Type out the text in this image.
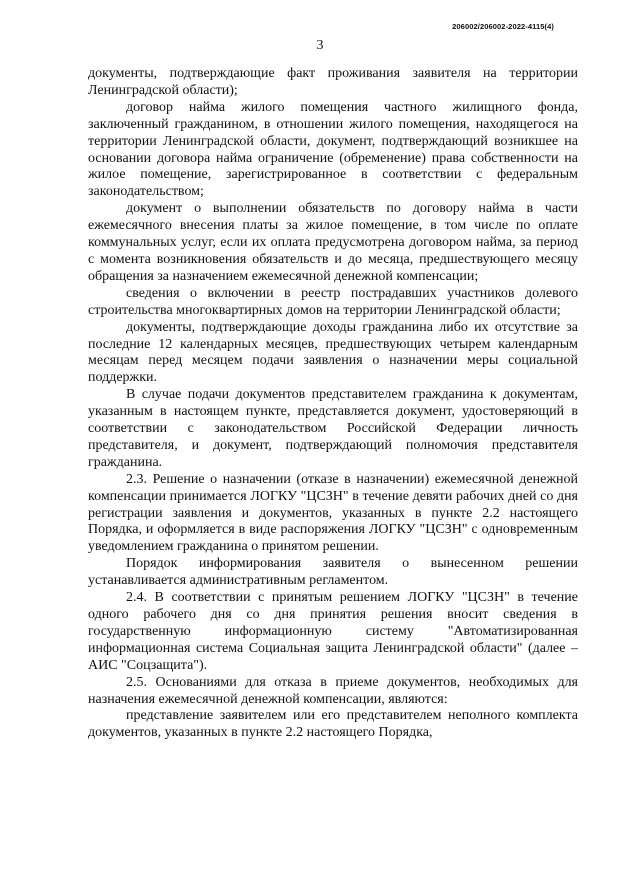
206002/206002-2022-4115(4)
3

документы, подтверждающие факт проживания заявителя на территории Ленинградской области);

договор найма жилого помещения частного жилищного фонда, заключенный гражданином, в отношении жилого помещения, находящегося на территории Ленинградской области, документ, подтверждающий возникшее на основании договора найма ограничение (обременение) права собственности на жилое помещение, зарегистрированное в соответствии с федеральным законодательством;

документ о выполнении обязательств по договору найма в части ежемесячного внесения платы за жилое помещение, в том числе по оплате коммунальных услуг, если их оплата предусмотрена договором найма, за период с момента возникновения обязательств и до месяца, предшествующего месяцу обращения за назначением ежемесячной денежной компенсации;

сведения о включении в реестр пострадавших участников долевого строительства многоквартирных домов на территории Ленинградской области;

документы, подтверждающие доходы гражданина либо их отсутствие за последние 12 календарных месяцев, предшествующих четырем календарным месяцам перед месяцем подачи заявления о назначении меры социальной поддержки.

В случае подачи документов представителем гражданина к документам, указанным в настоящем пункте, представляется документ, удостоверяющий в соответствии с законодательством Российской Федерации личность представителя, и документ, подтверждающий полномочия представителя гражданина.

2.3. Решение о назначении (отказе в назначении) ежемесячной денежной компенсации принимается ЛОГКУ "ЦСЗН" в течение девяти рабочих дней со дня регистрации заявления и документов, указанных в пункте 2.2 настоящего Порядка, и оформляется в виде распоряжения ЛОГКУ "ЦСЗН" с одновременным уведомлением гражданина о принятом решении.

Порядок информирования заявителя о вынесенном решении устанавливается административным регламентом.

2.4. В соответствии с принятым решением ЛОГКУ "ЦСЗН" в течение одного рабочего дня со дня принятия решения вносит сведения в государственную информационную систему "Автоматизированная информационная система Социальная защита Ленинградской области" (далее – АИС "Соцзащита").

2.5. Основаниями для отказа в приеме документов, необходимых для назначения ежемесячной денежной компенсации, являются:

представление заявителем или его представителем неполного комплекта документов, указанных в пункте 2.2 настоящего Порядка,
